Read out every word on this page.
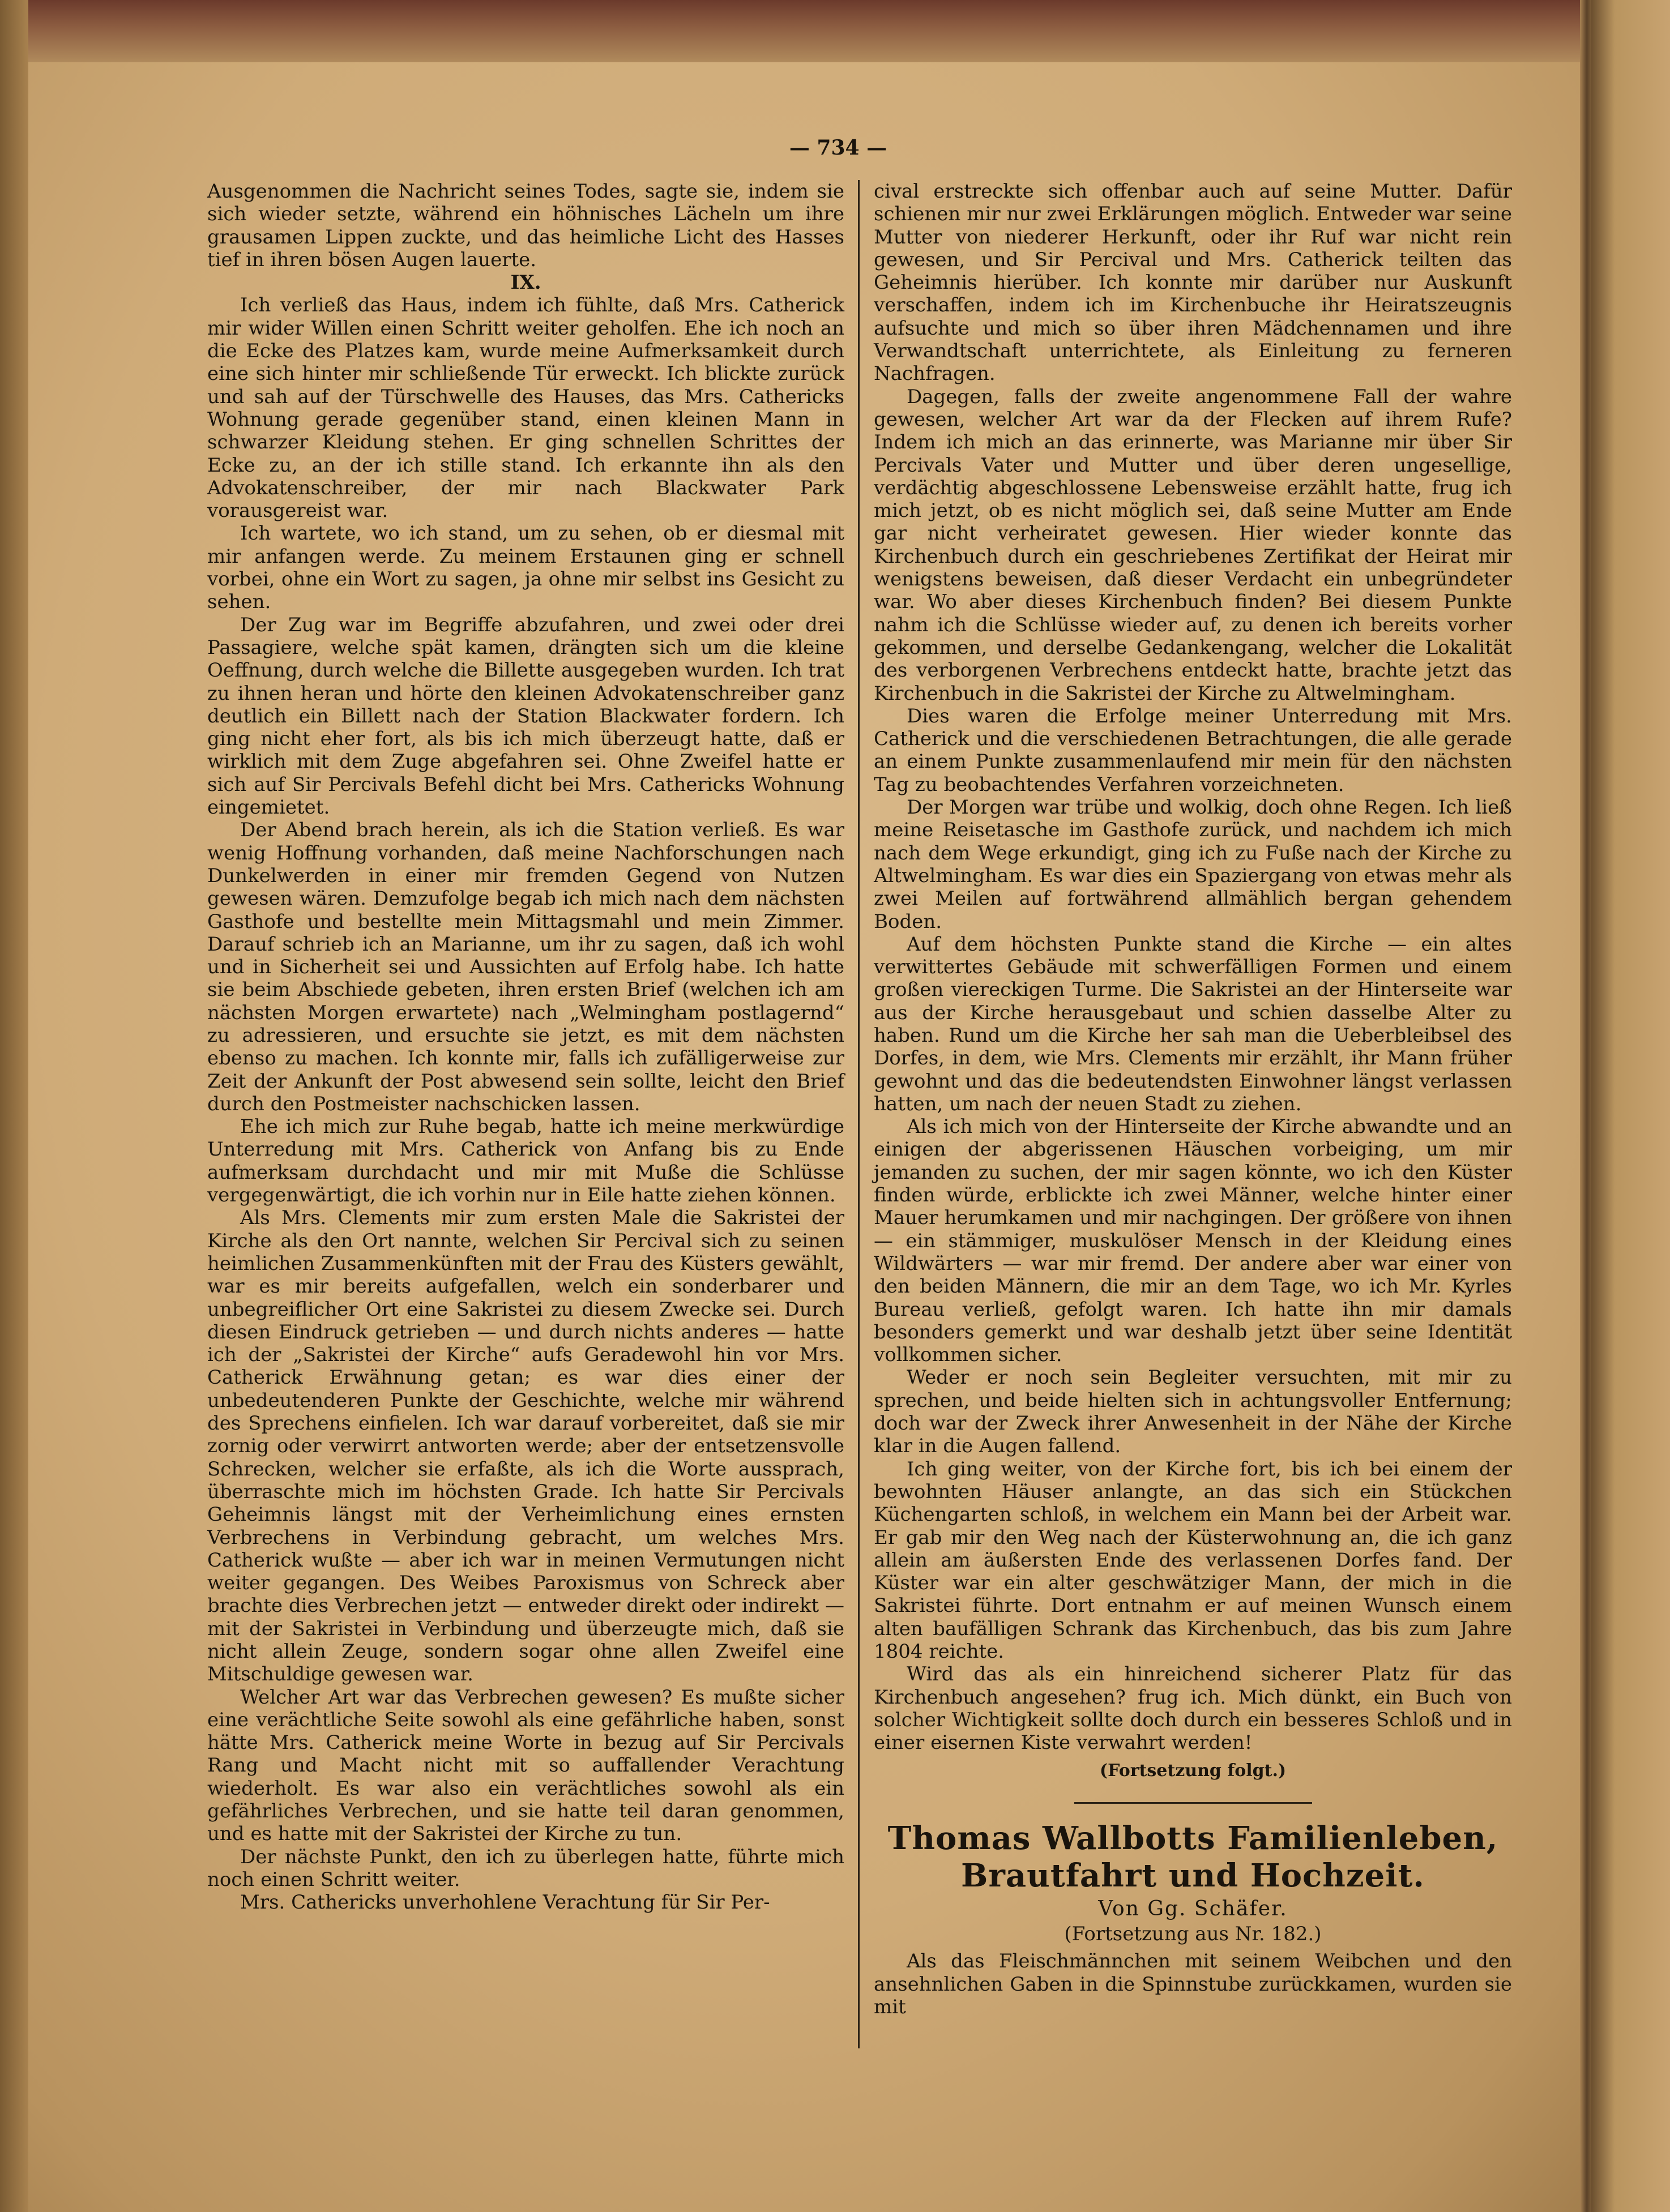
— 734 —

Ausgenommen die Nachricht seines Todes, sagte sie, indem sie sich wieder setzte, während ein höhnisches Lächeln um ihre grausamen Lippen zuckte, und das heimliche Licht des Hasses tief in ihren bösen Augen lauerte.

IX.

Ich verließ das Haus, indem ich fühlte, daß Mrs. Catherick mir wider Willen einen Schritt weiter geholfen. Ehe ich noch an die Ecke des Platzes kam, wurde meine Aufmerksamkeit durch eine sich hinter mir schließende Tür erweckt. Ich blickte zurück und sah auf der Türschwelle des Hauses, das Mrs. Cathericks Wohnung gerade gegenüber stand, einen kleinen Mann in schwarzer Kleidung stehen. Er ging schnellen Schrittes der Ecke zu, an der ich stille stand. Ich erkannte ihn als den Advokatenschreiber, der mir nach Blackwater Park vorausgereist war.

Ich wartete, wo ich stand, um zu sehen, ob er diesmal mit mir anfangen werde. Zu meinem Erstaunen ging er schnell vorbei, ohne ein Wort zu sagen, ja ohne mir selbst ins Gesicht zu sehen.

Der Zug war im Begriffe abzufahren, und zwei oder drei Passagiere, welche spät kamen, drängten sich um die kleine Oeffnung, durch welche die Billette ausgegeben wurden. Ich trat zu ihnen heran und hörte den kleinen Advokatenschreiber ganz deutlich ein Billett nach der Station Blackwater fordern. Ich ging nicht eher fort, als bis ich mich überzeugt hatte, daß er wirklich mit dem Zuge abgefahren sei. Ohne Zweifel hatte er sich auf Sir Percivals Befehl dicht bei Mrs. Cathericks Wohnung eingemietet.

Der Abend brach herein, als ich die Station verließ. Es war wenig Hoffnung vorhanden, daß meine Nachforschungen nach Dunkelwerden in einer mir fremden Gegend von Nutzen gewesen wären. Demzufolge begab ich mich nach dem nächsten Gasthofe und bestellte mein Mittagsmahl und mein Zimmer. Darauf schrieb ich an Marianne, um ihr zu sagen, daß ich wohl und in Sicherheit sei und Aussichten auf Erfolg habe. Ich hatte sie beim Abschiede gebeten, ihren ersten Brief (welchen ich am nächsten Morgen erwartete) nach „Welmingham postlagernd“ zu adressieren, und ersuchte sie jetzt, es mit dem nächsten ebenso zu machen. Ich konnte mir, falls ich zufälligerweise zur Zeit der Ankunft der Post abwesend sein sollte, leicht den Brief durch den Postmeister nachschicken lassen.

Ehe ich mich zur Ruhe begab, hatte ich meine merkwürdige Unterredung mit Mrs. Catherick von Anfang bis zu Ende aufmerksam durchdacht und mir mit Muße die Schlüsse vergegenwärtigt, die ich vorhin nur in Eile hatte ziehen können.

Als Mrs. Clements mir zum ersten Male die Sakristei der Kirche als den Ort nannte, welchen Sir Percival sich zu seinen heimlichen Zusammenkünften mit der Frau des Küsters gewählt, war es mir bereits aufgefallen, welch ein sonderbarer und unbegreiflicher Ort eine Sakristei zu diesem Zwecke sei. Durch diesen Eindruck getrieben — und durch nichts anderes — hatte ich der „Sakristei der Kirche“ aufs Geradewohl hin vor Mrs. Catherick Erwähnung getan; es war dies einer der unbedeutenderen Punkte der Geschichte, welche mir während des Sprechens einfielen. Ich war darauf vorbereitet, daß sie mir zornig oder verwirrt antworten werde; aber der entsetzensvolle Schrecken, welcher sie erfaßte, als ich die Worte aussprach, überraschte mich im höchsten Grade. Ich hatte Sir Percivals Geheimnis längst mit der Verheimlichung eines ernsten Verbrechens in Verbindung gebracht, um welches Mrs. Catherick wußte — aber ich war in meinen Vermutungen nicht weiter gegangen. Des Weibes Paroxismus von Schreck aber brachte dies Verbrechen jetzt — entweder direkt oder indirekt — mit der Sakristei in Verbindung und überzeugte mich, daß sie nicht allein Zeuge, sondern sogar ohne allen Zweifel eine Mitschuldige gewesen war.

Welcher Art war das Verbrechen gewesen? Es mußte sicher eine verächtliche Seite sowohl als eine gefährliche haben, sonst hätte Mrs. Catherick meine Worte in bezug auf Sir Percivals Rang und Macht nicht mit so auffallender Verachtung wiederholt. Es war also ein verächtliches sowohl als ein gefährliches Verbrechen, und sie hatte teil daran genommen, und es hatte mit der Sakristei der Kirche zu tun.

Der nächste Punkt, den ich zu überlegen hatte, führte mich noch einen Schritt weiter.

Mrs. Cathericks unverhohlene Verachtung für Sir Per-

cival erstreckte sich offenbar auch auf seine Mutter. Dafür schienen mir nur zwei Erklärungen möglich. Entweder war seine Mutter von niederer Herkunft, oder ihr Ruf war nicht rein gewesen, und Sir Percival und Mrs. Catherick teilten das Geheimnis hierüber. Ich konnte mir darüber nur Auskunft verschaffen, indem ich im Kirchenbuche ihr Heiratszeugnis aufsuchte und mich so über ihren Mädchennamen und ihre Verwandtschaft unterrichtete, als Einleitung zu ferneren Nachfragen.

Dagegen, falls der zweite angenommene Fall der wahre gewesen, welcher Art war da der Flecken auf ihrem Rufe? Indem ich mich an das erinnerte, was Marianne mir über Sir Percivals Vater und Mutter und über deren ungesellige, verdächtig abgeschlossene Lebensweise erzählt hatte, frug ich mich jetzt, ob es nicht möglich sei, daß seine Mutter am Ende gar nicht verheiratet gewesen. Hier wieder konnte das Kirchenbuch durch ein geschriebenes Zertifikat der Heirat mir wenigstens beweisen, daß dieser Verdacht ein unbegründeter war. Wo aber dieses Kirchenbuch finden? Bei diesem Punkte nahm ich die Schlüsse wieder auf, zu denen ich bereits vorher gekommen, und derselbe Gedankengang, welcher die Lokalität des verborgenen Verbrechens entdeckt hatte, brachte jetzt das Kirchenbuch in die Sakristei der Kirche zu Altwelmingham.

Dies waren die Erfolge meiner Unterredung mit Mrs. Catherick und die verschiedenen Betrachtungen, die alle gerade an einem Punkte zusammenlaufend mir mein für den nächsten Tag zu beobachtendes Verfahren vorzeichneten.

Der Morgen war trübe und wolkig, doch ohne Regen. Ich ließ meine Reisetasche im Gasthofe zurück, und nachdem ich mich nach dem Wege erkundigt, ging ich zu Fuße nach der Kirche zu Altwelmingham. Es war dies ein Spaziergang von etwas mehr als zwei Meilen auf fortwährend allmählich bergan gehendem Boden.

Auf dem höchsten Punkte stand die Kirche — ein altes verwittertes Gebäude mit schwerfälligen Formen und einem großen viereckigen Turme. Die Sakristei an der Hinterseite war aus der Kirche herausgebaut und schien dasselbe Alter zu haben. Rund um die Kirche her sah man die Ueberbleibsel des Dorfes, in dem, wie Mrs. Clements mir erzählt, ihr Mann früher gewohnt und das die bedeutendsten Einwohner längst verlassen hatten, um nach der neuen Stadt zu ziehen.

Als ich mich von der Hinterseite der Kirche abwandte und an einigen der abgerissenen Häuschen vorbeiging, um mir jemanden zu suchen, der mir sagen könnte, wo ich den Küster finden würde, erblickte ich zwei Männer, welche hinter einer Mauer herumkamen und mir nachgingen. Der größere von ihnen — ein stämmiger, muskulöser Mensch in der Kleidung eines Wildwärters — war mir fremd. Der andere aber war einer von den beiden Männern, die mir an dem Tage, wo ich Mr. Kyrles Bureau verließ, gefolgt waren. Ich hatte ihn mir damals besonders gemerkt und war deshalb jetzt über seine Identität vollkommen sicher.

Weder er noch sein Begleiter versuchten, mit mir zu sprechen, und beide hielten sich in achtungsvoller Entfernung; doch war der Zweck ihrer Anwesenheit in der Nähe der Kirche klar in die Augen fallend.

Ich ging weiter, von der Kirche fort, bis ich bei einem der bewohnten Häuser anlangte, an das sich ein Stückchen Küchengarten schloß, in welchem ein Mann bei der Arbeit war. Er gab mir den Weg nach der Küsterwohnung an, die ich ganz allein am äußersten Ende des verlassenen Dorfes fand. Der Küster war ein alter geschwätziger Mann, der mich in die Sakristei führte. Dort entnahm er auf meinen Wunsch einem alten baufälligen Schrank das Kirchenbuch, das bis zum Jahre 1804 reichte.

Wird das als ein hinreichend sicherer Platz für das Kirchenbuch angesehen? frug ich. Mich dünkt, ein Buch von solcher Wichtigkeit sollte doch durch ein besseres Schloß und in einer eisernen Kiste verwahrt werden!

(Fortsetzung folgt.)

Thomas Wallbotts Familienleben, Brautfahrt und Hochzeit.

Von Gg. Schäfer.

(Fortsetzung aus Nr. 182.)

Als das Fleischmännchen mit seinem Weibchen und den ansehnlichen Gaben in die Spinnstube zurückkamen, wurden sie mit
